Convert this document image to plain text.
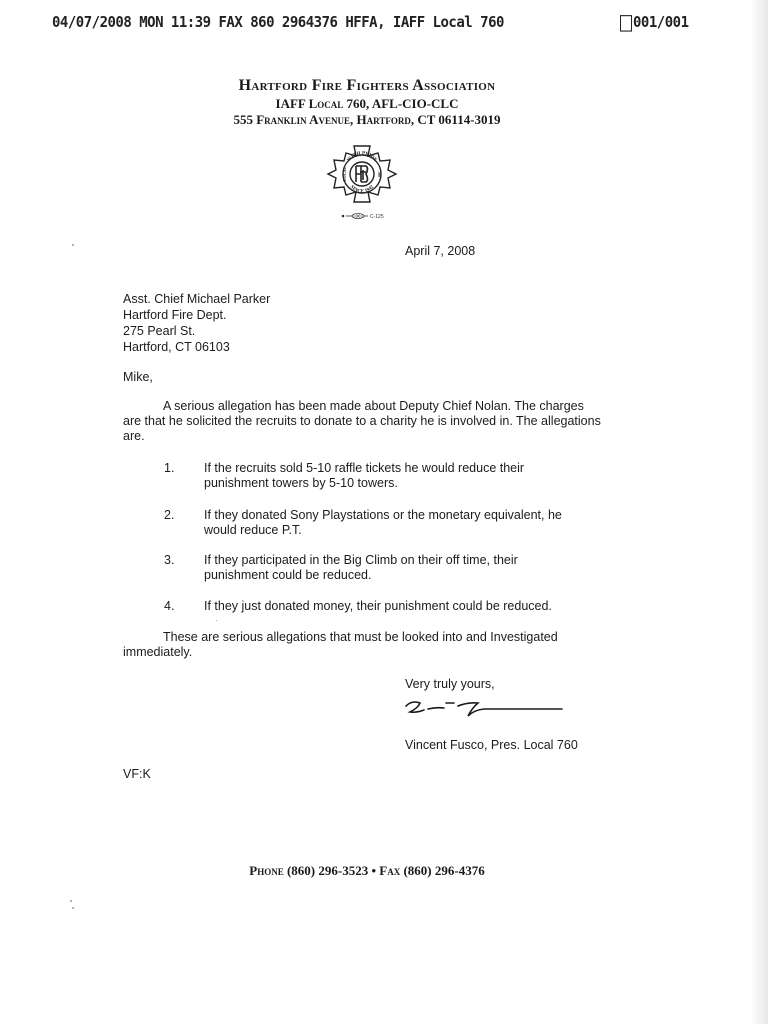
04/07/2008 MON 11:39 FAX 860 2964376 HFFA, IAFF Local 760	001/001
Hartford Fire Fighters Association
IAFF Local 760, AFL-CIO-CLC
555 Franklin Avenue, Hartford, CT 06114-3019
WITH PRIDE
SINCE 1942
LOCAL	760
C-125
April 7, 2008
Asst. Chief Michael Parker
Hartford Fire Dept.
275 Pearl St.
Hartford, CT 06103
Mike,
A serious allegation has been made about Deputy Chief Nolan. The charges are that he solicited the recruits to donate to a charity he is involved in. The allegations are.
1. If the recruits sold 5-10 raffle tickets he would reduce their punishment towers by 5-10 towers.
2. If they donated Sony Playstations or the monetary equivalent, he would reduce P.T.
3. If they participated in the Big Climb on their off time, their punishment could be reduced.
4. If they just donated money, their punishment could be reduced.
These are serious allegations that must be looked into and Investigated immediately.
Very truly yours,
Vincent Fusco, Pres. Local 760
VF:K
Phone (860) 296-3523 • Fax (860) 296-4376
